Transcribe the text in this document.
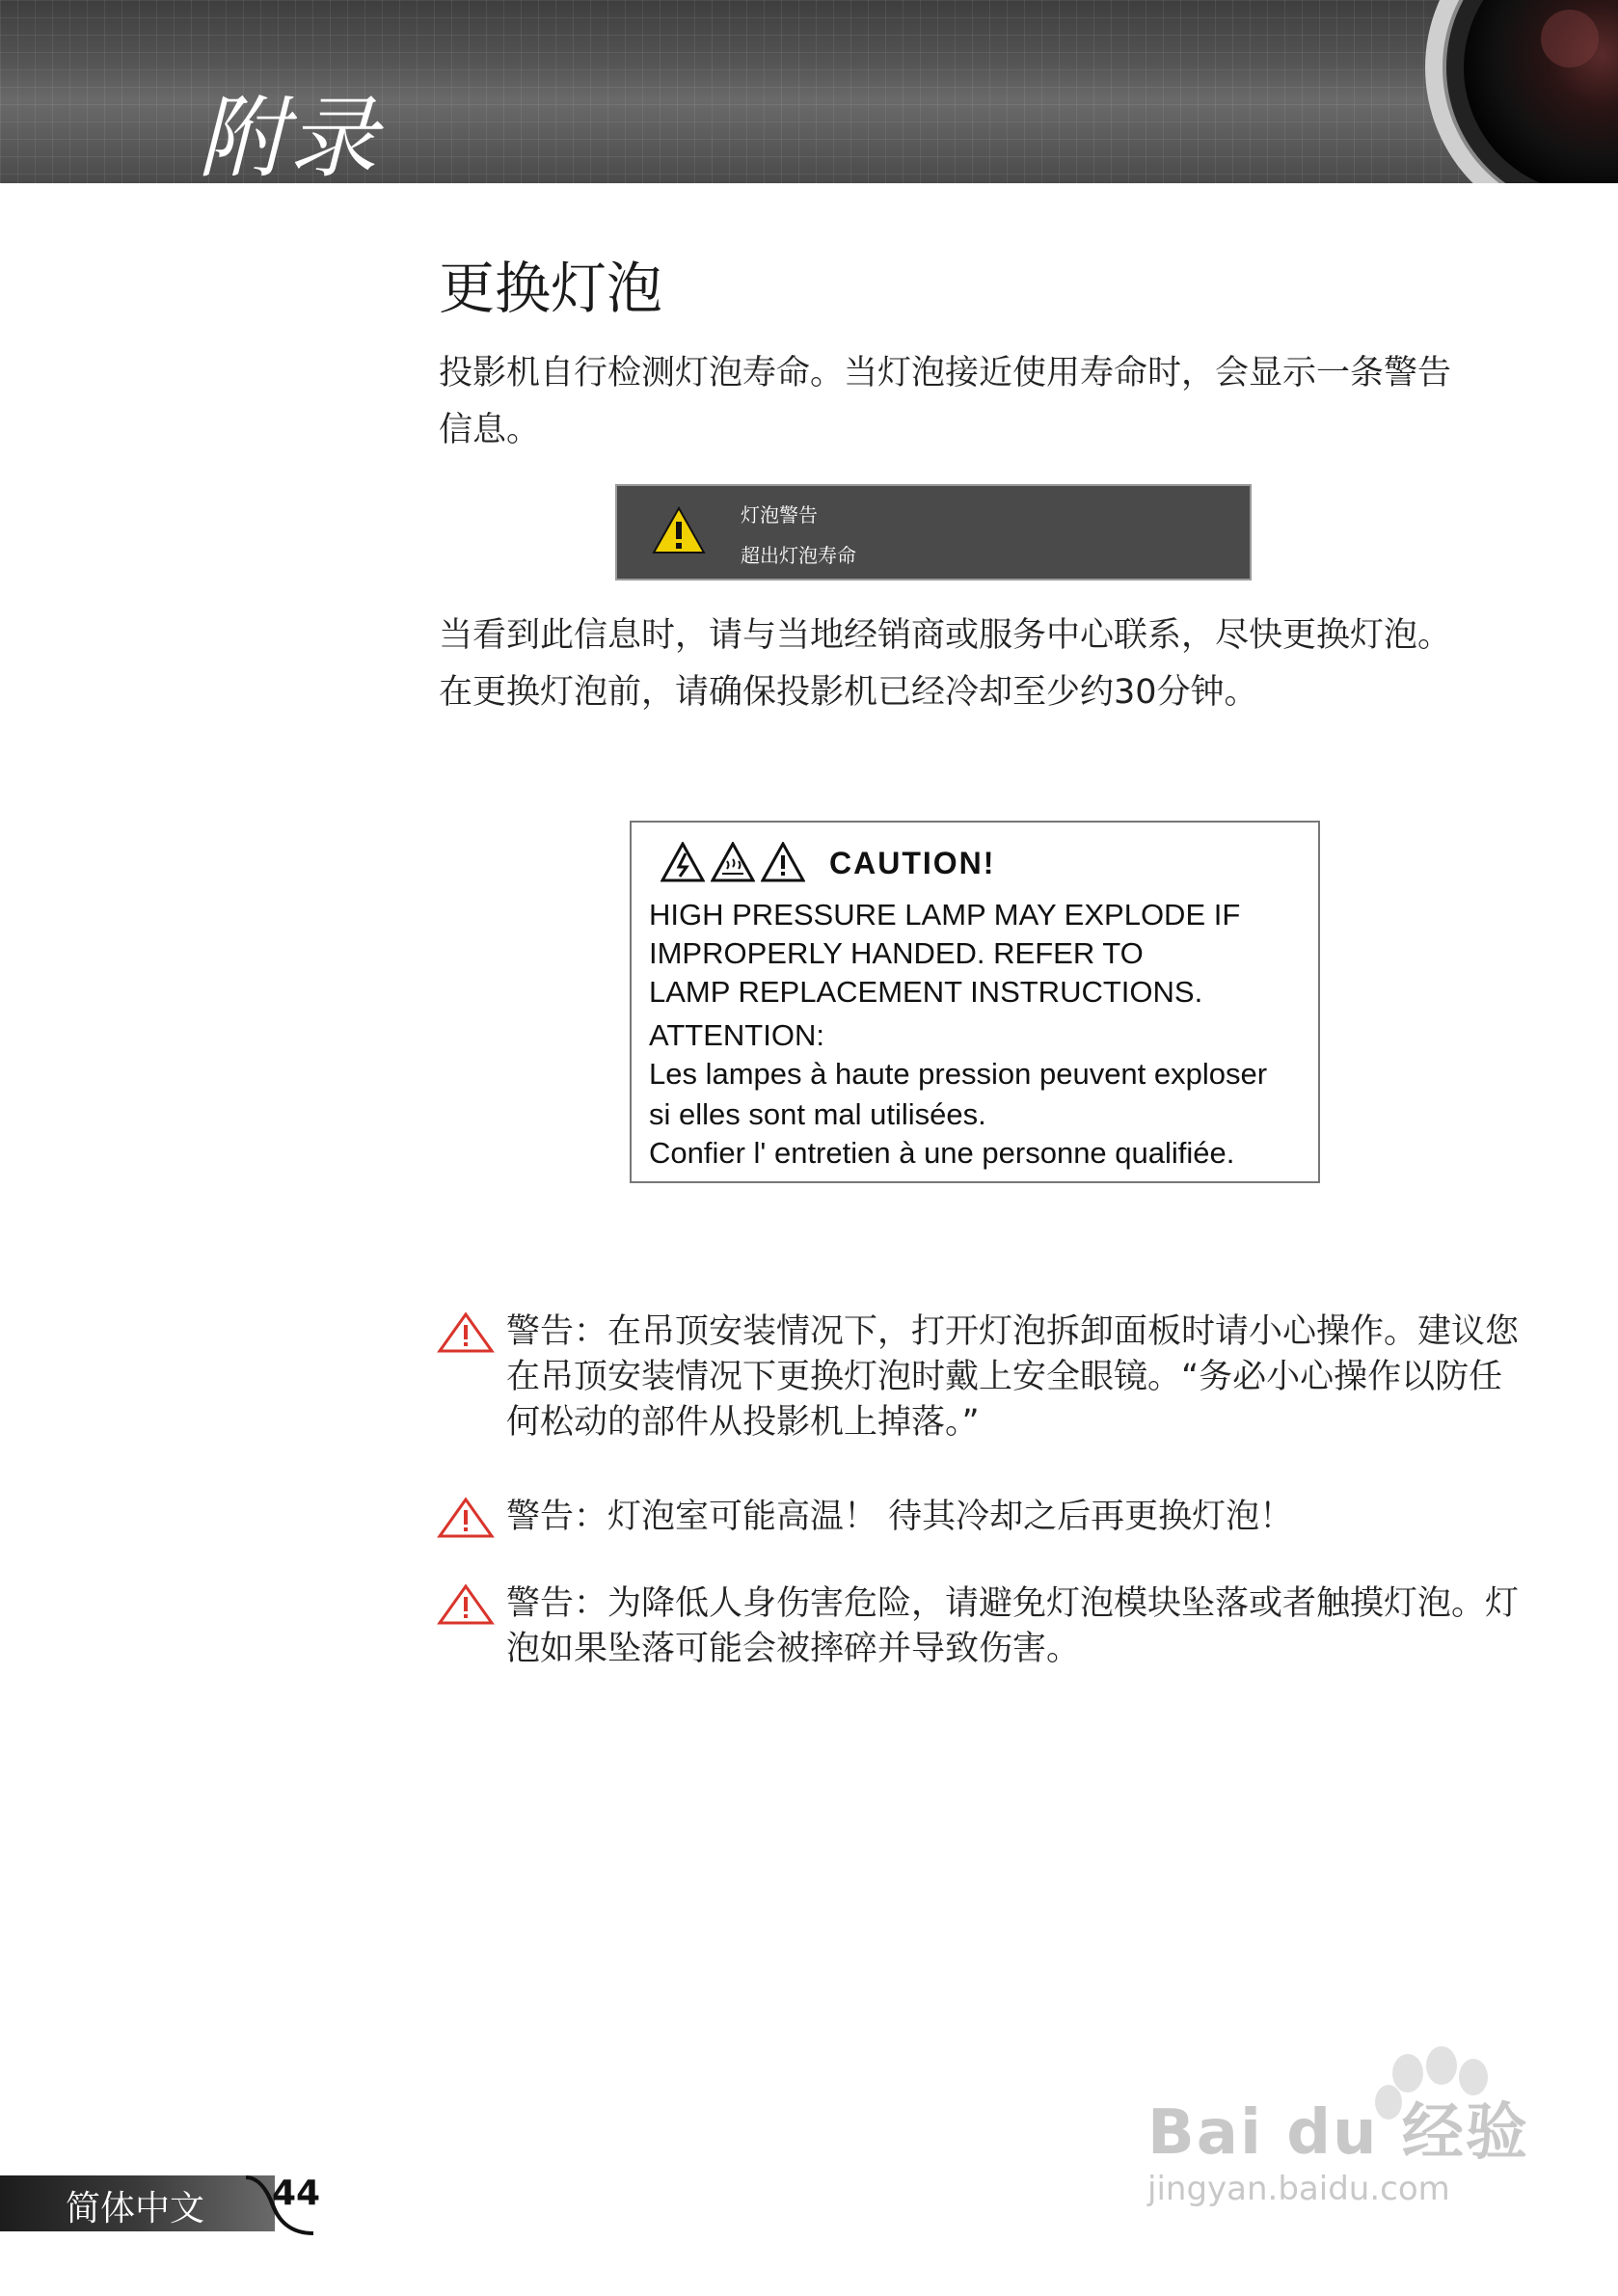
附录
更换灯泡
投影机自行检测灯泡寿命。当灯泡接近使用寿命时，会显示一条警告信息。
灯泡警告
超出灯泡寿命
当看到此信息时，请与当地经销商或服务中心联系，尽快更换灯泡。在更换灯泡前，请确保投影机已经冷却至少约30分钟。
CAUTION!
HIGH PRESSURE LAMP MAY EXPLODE IF
IMPROPERLY HANDED. REFER TO
LAMP REPLACEMENT INSTRUCTIONS.
ATTENTION:
Les lampes à haute pression peuvent exploser
si elles sont mal utilisées.
Confier l' entretien à une personne qualifiée.
警告：在吊顶安装情况下，打开灯泡拆卸面板时请小心操作。建议您在吊顶安装情况下更换灯泡时戴上安全眼镜。“务必小心操作以防任何松动的部件从投影机上掉落。”
警告：灯泡室可能高温！ 待其冷却之后再更换灯泡！
警告：为降低人身伤害危险，请避免灯泡模块坠落或者触摸灯泡。灯泡如果坠落可能会被摔碎并导致伤害。
简体中文 44
Bai du 经验
jingyan.baidu.com
